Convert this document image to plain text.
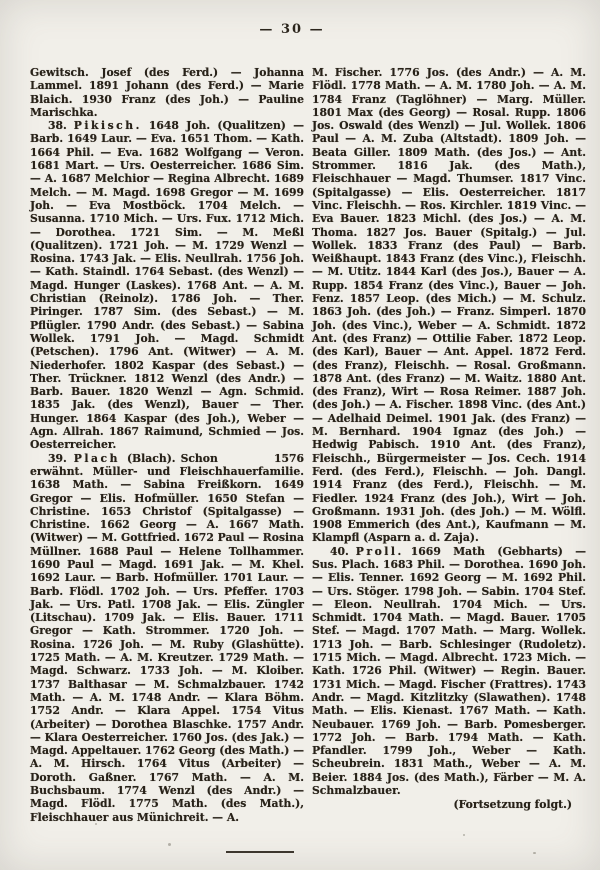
— 30 —

Gewitsch. Josef (des Ferd.) — Johanna Lammel. 1891 Johann (des Ferd.) — Marie Blaich. 1930 Franz (des Joh.) — Pauline Marischka.

38. Pikisch. 1648 Joh. (Qualitzen) — Barb. 1649 Laur. — Eva. 1651 Thom. — Kath. 1664 Phil. — Eva. 1682 Wolfgang — Veron. 1681 Mart. — Urs. Oesterreicher. 1686 Sim. — A. 1687 Melchior — Regina Albrecht. 1689 Melch. — M. Magd. 1698 Gregor — M. 1699 Joh. — Eva Mostböck. 1704 Melch. — Susanna. 1710 Mich. — Urs. Fux. 1712 Mich. — Dorothea. 1721 Sim. — M. Meßl (Qualitzen). 1721 Joh. — M. 1729 Wenzl — Rosina. 1743 Jak. — Elis. Neullrah. 1756 Joh. — Kath. Staindl. 1764 Sebast. (des Wenzl) — Magd. Hunger (Laskes). 1768 Ant. — A. M. Christian (Reinolz). 1786 Joh. — Ther. Piringer. 1787 Sim. (des Sebast.) — M. Pflügler. 1790 Andr. (des Sebast.) — Sabina Wollek. 1791 Joh. — Magd. Schmidt (Petschen). 1796 Ant. (Witwer) — A. M. Niederhofer. 1802 Kaspar (des Sebast.) — Ther. Trückner. 1812 Wenzl (des Andr.) — Barb. Bauer. 1820 Wenzl — Agn. Schmid. 1835 Jak. (des Wenzl), Bauer — Ther. Hunger. 1864 Kaspar (des Joh.), Weber — Agn. Allrah. 1867 Raimund, Schmied — Jos. Oesterreicher.

39. Plach (Blach). Schon 1576 erwähnt. Müller- und Fleischhauerfamilie. 1638 Math. — Sabina Freißkorn. 1649 Gregor — Elis. Hofmüller. 1650 Stefan — Christine. 1653 Christof (Spitalgasse) — Christine. 1662 Georg — A. 1667 Math. (Witwer) — M. Gottfried. 1672 Paul — Rosina Müllner. 1688 Paul — Helene Tollhammer. 1690 Paul — Magd. 1691 Jak. — M. Khel. 1692 Laur. — Barb. Hofmüller. 1701 Laur. — Barb. Flödl. 1702 Joh. — Urs. Pfeffer. 1703 Jak. — Urs. Patl. 1708 Jak. — Elis. Züngler (Litschau). 1709 Jak. — Elis. Bauer. 1711 Gregor — Kath. Strommer. 1720 Joh. — Rosina. 1726 Joh. — M. Ruby (Glashütte). 1725 Math. — A. M. Kreutzer. 1729 Math. — Magd. Schwarz. 1733 Joh. — M. Kloiber. 1737 Balthasar — M. Schmalzbauer. 1742 Math. — A. M. 1748 Andr. — Klara Böhm. 1752 Andr. — Klara Appel. 1754 Vitus (Arbeiter) — Dorothea Blaschke. 1757 Andr. — Klara Oesterreicher. 1760 Jos. (des Jak.) — Magd. Appeltauer. 1762 Georg (des Math.) — A. M. Hirsch. 1764 Vitus (Arbeiter) — Doroth. Gaßner. 1767 Math. — A. M. Buchsbaum. 1774 Wenzl (des Andr.) — Magd. Flödl. 1775 Math. (des Math.), Fleischhauer aus Münichreit. — A.

M. Fischer. 1776 Jos. (des Andr.) — A. M. Flödl. 1778 Math. — A. M. 1780 Joh. — A. M. 1784 Franz (Taglöhner) — Marg. Müller. 1801 Max (des Georg) — Rosal. Rupp. 1806 Jos. Oswald (des Wenzl) — Jul. Wollek. 1806 Paul — A. M. Zuba (Altstadt). 1809 Joh. — Beata Giller. 1809 Math. (des Jos.) — Ant. Strommer. 1816 Jak. (des Math.), Fleischhauer — Magd. Thumser. 1817 Vinc. (Spitalgasse) — Elis. Oesterreicher. 1817 Vinc. Fleischh. — Ros. Kirchler. 1819 Vinc. — Eva Bauer. 1823 Michl. (des Jos.) — A. M. Thoma. 1827 Jos. Bauer (Spitalg.) — Jul. Wollek. 1833 Franz (des Paul) — Barb. Weißhaupt. 1843 Franz (des Vinc.), Fleischh. — M. Utitz. 1844 Karl (des Jos.), Bauer — A. Rupp. 1854 Franz (des Vinc.), Bauer — Joh. Fenz. 1857 Leop. (des Mich.) — M. Schulz. 1863 Joh. (des Joh.) — Franz. Simperl. 1870 Joh. (des Vinc.), Weber — A. Schmidt. 1872 Ant. (des Franz) — Ottilie Faber. 1872 Leop. (des Karl), Bauer — Ant. Appel. 1872 Ferd. (des Franz), Fleischh. — Rosal. Großmann. 1878 Ant. (des Franz) — M. Waitz. 1880 Ant. (des Franz), Wirt — Rosa Reimer. 1887 Joh. (des Joh.) — A. Fischer. 1898 Vinc. (des Ant.) — Adelhaid Deimel. 1901 Jak. (des Franz) — M. Bernhard. 1904 Ignaz (des Joh.) — Hedwig Pabisch. 1910 Ant. (des Franz), Fleischh., Bürgermeister — Jos. Cech. 1914 Ferd. (des Ferd.), Fleischh. — Joh. Dangl. 1914 Franz (des Ferd.), Fleischh. — M. Fiedler. 1924 Franz (des Joh.), Wirt — Joh. Großmann. 1931 Joh. (des Joh.) — M. Wölfl. 1908 Emmerich (des Ant.), Kaufmann — M. Klampfl (Asparn a. d. Zaja).

40. Proll. 1669 Math (Gebharts) — Sus. Plach. 1683 Phil. — Dorothea. 1690 Joh. — Elis. Tenner. 1692 Georg — M. 1692 Phil. — Urs. Stöger. 1798 Joh. — Sabin. 1704 Stef. — Eleon. Neullrah. 1704 Mich. — Urs. Schmidt. 1704 Math. — Magd. Bauer. 1705 Stef. — Magd. 1707 Math. — Marg. Wollek. 1713 Joh. — Barb. Schlesinger (Rudoletz). 1715 Mich. — Magd. Albrecht. 1723 Mich. — Kath. 1726 Phil. (Witwer) — Regin. Bauer. 1731 Mich. — Magd. Fischer (Frattres). 1743 Andr. — Magd. Kitzlitzky (Slawathen). 1748 Math. — Elis. Kienast. 1767 Math. — Kath. Neubauer. 1769 Joh. — Barb. Pomesberger. 1772 Joh. — Barb. 1794 Math. — Kath. Pfandler. 1799 Joh., Weber — Kath. Scheubrein. 1831 Math., Weber — A. M. Beier. 1884 Jos. (des Math.), Färber — M. A. Schmalzbauer.

(Fortsetzung folgt.)
